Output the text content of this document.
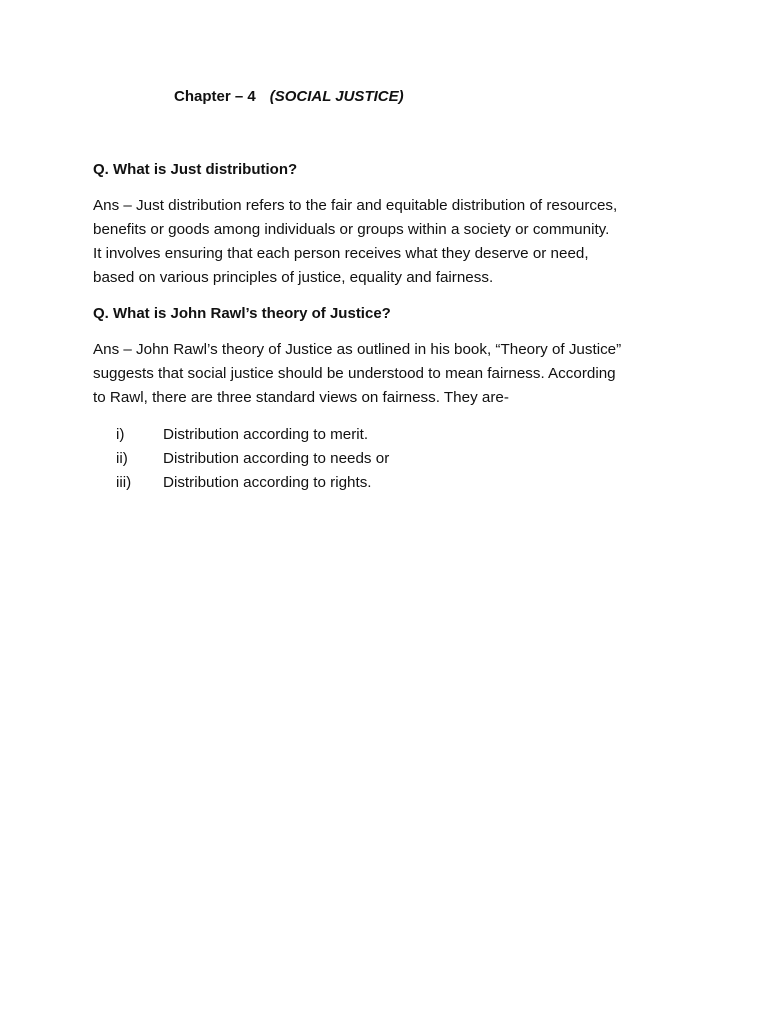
Chapter – 4 (SOCIAL JUSTICE)
Q. What is Just distribution?
Ans – Just distribution refers to the fair and equitable distribution of resources,
benefits or goods among individuals or groups within a society or community.
It involves ensuring that each person receives what they deserve or need,
based on various principles of justice, equality and fairness.
Q. What is John Rawl’s theory of Justice?
Ans – John Rawl’s theory of Justice as outlined in his book, “Theory of Justice”
suggests that social justice should be understood to mean fairness. According
to Rawl, there are three standard views on fairness. They are-
i)	Distribution according to merit.
ii) Distribution according to needs or
iii) Distribution according to rights.
